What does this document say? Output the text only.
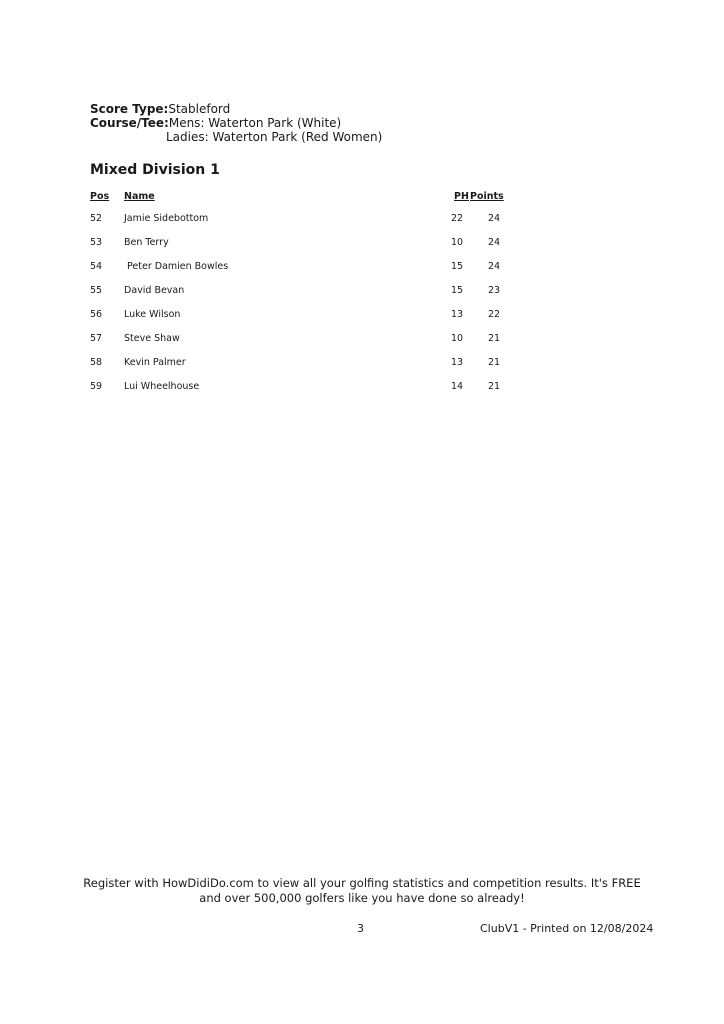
Score Type:Stableford
Course/Tee:Mens: Waterton Park (White)
Ladies: Waterton Park (Red Women)
Mixed Division 1
Pos Name	PH Points
52 Jamie Sidebottom	22	24
53 Ben Terry	10	24
54 Peter Damien Bowles	15	24
55 David Bevan	15	23
56 Luke Wilson	13	22
57 Steve Shaw	10	21
58 Kevin Palmer	13	21
59 Lui Wheelhouse	14	21
Register with HowDidiDo.com to view all your golfing statistics and competition results. It's FREE
and over 500,000 golfers like you have done so already!
3	ClubV1 - Printed on 12/08/2024
